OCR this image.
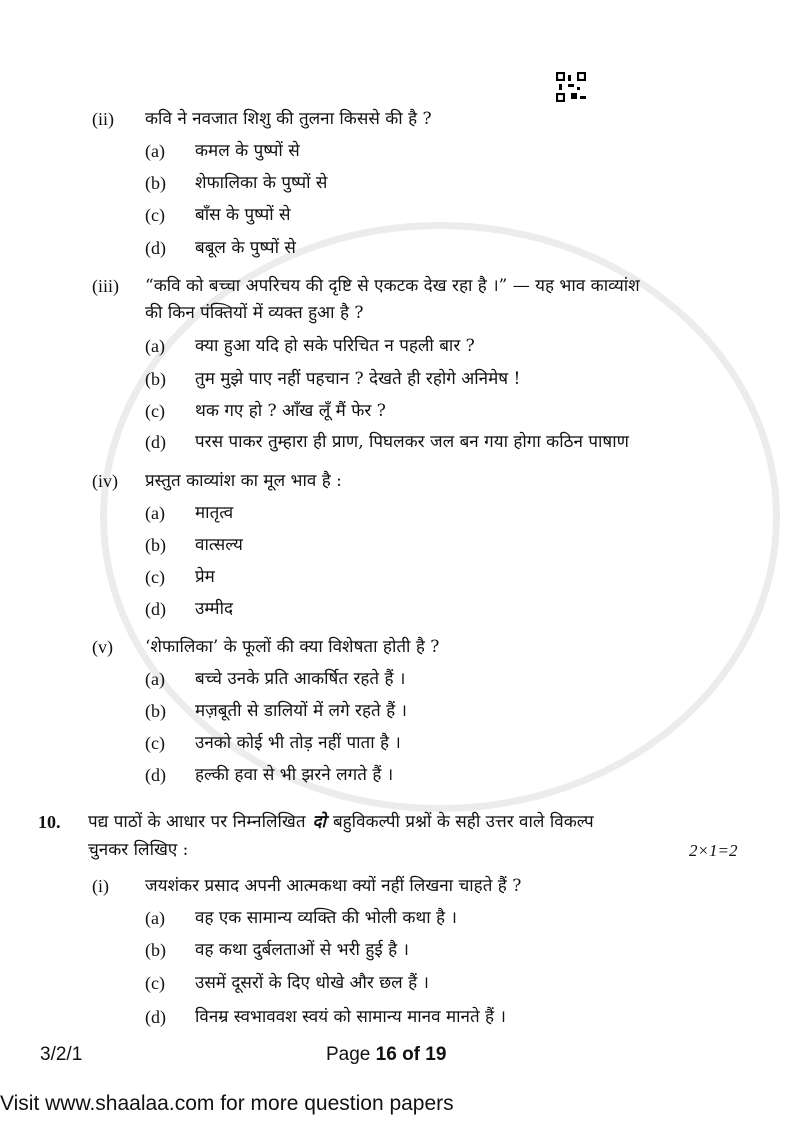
(ii) कवि ने नवजात शिशु की तुलना किससे की है ?
(a) कमल के पुष्पों से
(b) शेफालिका के पुष्पों से
(c) बाँस के पुष्पों से
(d) बबूल के पुष्पों से
(iii) “कवि को बच्चा अपरिचय की दृष्टि से एकटक देख रहा है ।” — यह भाव काव्यांश
की किन पंक्तियों में व्यक्त हुआ है ?
(a) क्या हुआ यदि हो सके परिचित न पहली बार ?
(b) तुम मुझे पाए नहीं पहचान ? देखते ही रहोगे अनिमेष !
(c) थक गए हो ? आँख लूँ मैं फेर ?
(d) परस पाकर तुम्हारा ही प्राण, पिघलकर जल बन गया होगा कठिन पाषाण
(iv) प्रस्तुत काव्यांश का मूल भाव है :
(a) मातृत्व
(b) वात्सल्य
(c) प्रेम
(d) उम्मीद
(v) ‘शेफालिका’ के फूलों की क्या विशेषता होती है ?
(a) बच्चे उनके प्रति आकर्षित रहते हैं ।
(b) मज़बूती से डालियों में लगे रहते हैं ।
(c) उनको कोई भी तोड़ नहीं पाता है ।
(d) हल्की हवा से भी झरने लगते हैं ।
(i) जयशंकर प्रसाद अपनी आत्मकथा क्यों नहीं लिखना चाहते हैं ?
(a) वह एक सामान्य व्यक्ति की भोली कथा है ।
(b) वह कथा दुर्बलताओं से भरी हुई है ।
(c) उसमें दूसरों के दिए धोखे और छल हैं ।
(d) विनम्र स्वभाववश स्वयं को सामान्य मानव मानते हैं ।
10. पद्य पाठों के आधार पर निम्नलिखित दो बहुविकल्पी प्रश्नों के सही उत्तर वाले विकल्प
चुनकर लिखिए :	2×1=2
3/2/1	Page 16 of 19
Visit www.shaalaa.com for more question papers
